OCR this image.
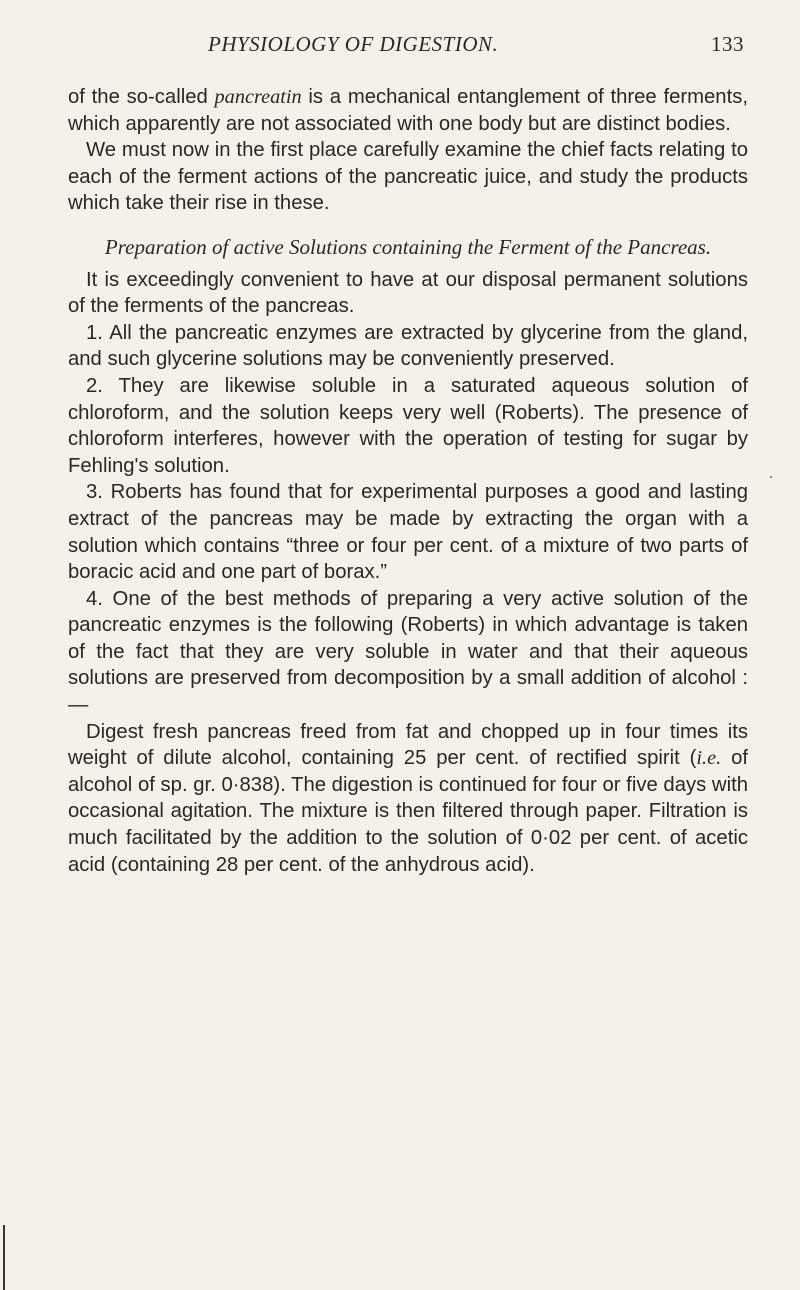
PHYSIOLOGY OF DIGESTION.	133

of the so-called pancreatin is a mechanical entanglement of three ferments, which apparently are not associated with one body but are distinct bodies.

We must now in the first place carefully examine the chief facts relating to each of the ferment actions of the pancreatic juice, and study the products which take their rise in these.

Preparation of active Solutions containing the Ferment of the Pancreas.

It is exceedingly convenient to have at our disposal permanent solutions of the ferments of the pancreas.

1. All the pancreatic enzymes are extracted by glycerine from the gland, and such glycerine solutions may be conveniently preserved.

2. They are likewise soluble in a saturated aqueous solution of chloroform, and the solution keeps very well (Roberts). The presence of chloroform interferes, however with the operation of testing for sugar by Fehling's solution.

3. Roberts has found that for experimental purposes a good and lasting extract of the pancreas may be made by extracting the organ with a solution which contains “three or four per cent. of a mixture of two parts of boracic acid and one part of borax.”

4. One of the best methods of preparing a very active solution of the pancreatic enzymes is the following (Roberts) in which advantage is taken of the fact that they are very soluble in water and that their aqueous solutions are preserved from decomposition by a small addition of alcohol :—

Digest fresh pancreas freed from fat and chopped up in four times its weight of dilute alcohol, containing 25 per cent. of rectified spirit (i.e. of alcohol of sp. gr. 0·838). The digestion is continued for four or five days with occasional agitation. The mixture is then filtered through paper. Filtration is much facilitated by the addition to the solution of 0·02 per cent. of acetic acid (containing 28 per cent. of the anhydrous acid).
